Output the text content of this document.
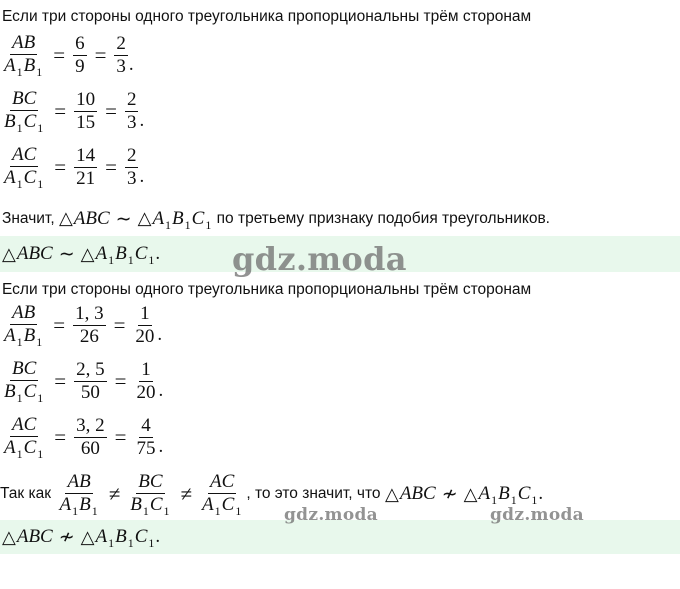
Если три стороны одного треугольника пропорциональны трём сторонам
$\frac{AB}{A_1B_1} = \frac{6}{9} = \frac{2}{3}$ .
$\frac{BC}{B_1C_1} = \frac{10}{15} = \frac{2}{3}$ .
$\frac{AC}{A_1C_1} = \frac{14}{21} = \frac{2}{3}$ .
Значит,
△ ABC ∼ △ $A_1B_1C_1$
по третьему признаку подобия треугольников.
△ ABC ∼ △ $A_1B_1C_1$ . gdz.moda
Если три стороны одного треугольника пропорциональны трём сторонам
$\frac{AB}{A_1B_1} = \frac{1, 3}{26} = \frac{1}{20}$ .
$\frac{BC}{B_1C_1} = \frac{2, 5}{50} = \frac{1}{20}$ .
$\frac{AC}{A_1C_1} = \frac{3, 2}{60} = \frac{4}{75}$ .
Так как
$\frac{AB}{A_1B_1} \ne \frac{BC}{B_1C_1} \ne \frac{AC}{A_1C_1}$ , то это значит, что
△ ABC ≁ △ $A_1B_1C_1$ .
△ ABC ≁ △ $A_1B_1C_1$ .
gdz.moda	gdz.moda
